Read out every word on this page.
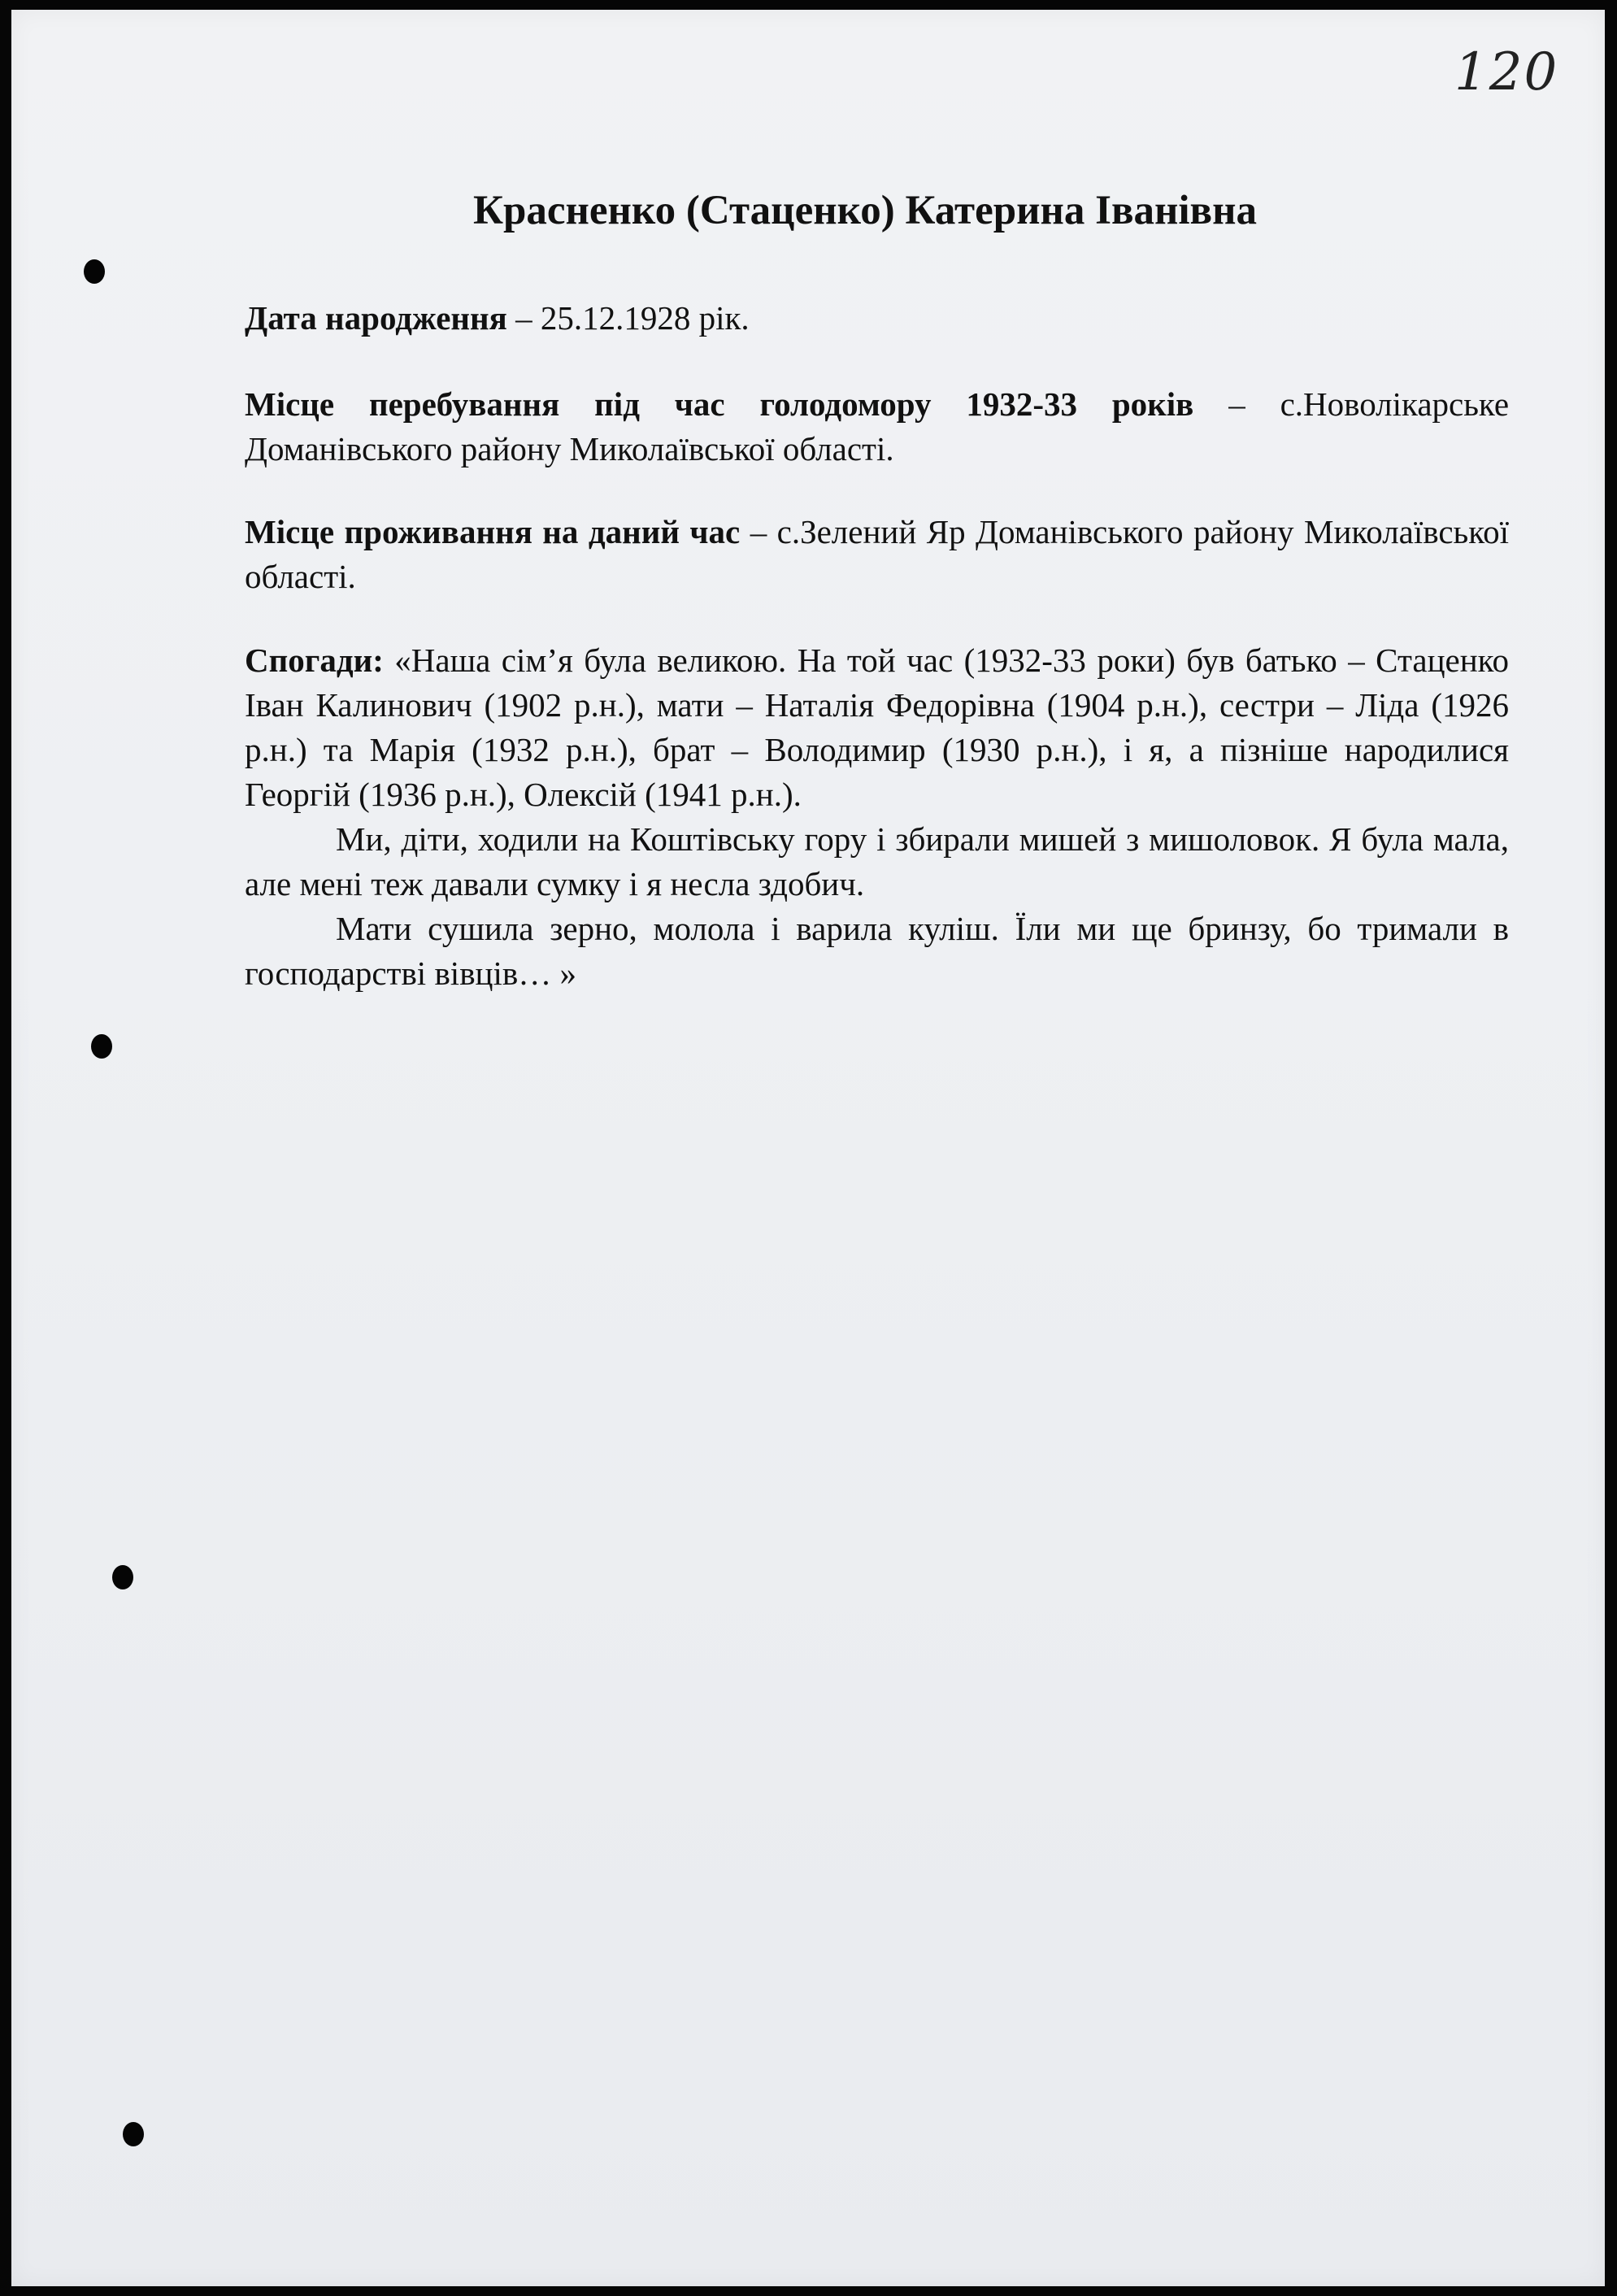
120
Красненко (Стаценко) Катерина Іванівна

Дата народження – 25.12.1928 рік.

Місце перебування під час голодомору 1932-33 років – с.Новолікарське Доманівського району Миколаївської області.

Місце проживання на даний час – с.Зелений Яр Доманівського району Миколаївської області.

Спогади: «Наша сім’я була великою. На той час (1932-33 роки) був батько – Стаценко Іван Калинович (1902 р.н.), мати – Наталія Федорівна (1904 р.н.), сестри – Ліда (1926 р.н.) та Марія (1932 р.н.), брат – Володимир (1930 р.н.), і я, а пізніше народилися Георгій (1936 р.н.), Олексій (1941 р.н.).

Ми, діти, ходили на Коштівську гору і збирали мишей з мишоловок. Я була мала, але мені теж давали сумку і я несла здобич.

Мати сушила зерно, молола і варила куліш. Їли ми ще бринзу, бо тримали в господарстві вівців… »
